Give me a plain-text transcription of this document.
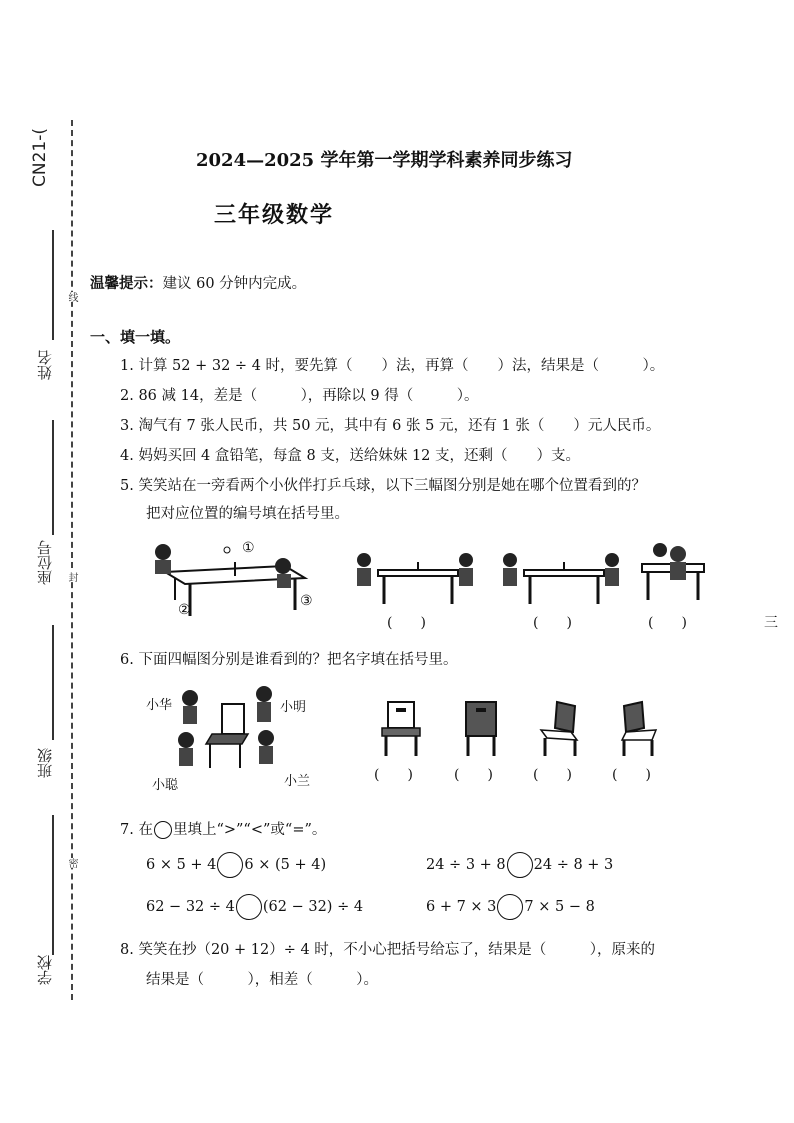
CN21-(
姓名
座位号
班级
学校
线
封
密
三
2024—2025 学年第一学期学科素养同步练习
三年级数学
温馨提示：建议 60 分钟内完成。
一、填一填。
1. 计算 52 + 32 ÷ 4 时，要先算（　　）法，再算（　　）法，结果是（　　　）。
2. 86 减 14，差是（　　　），再除以 9 得（　　　）。
3. 淘气有 7 张人民币，共 50 元，其中有 6 张 5 元，还有 1 张（　　）元人民币。
4. 妈妈买回 4 盒铅笔，每盒 8 支，送给妹妹 12 支，还剩（　　）支。
5. 笑笑站在一旁看两个小伙伴打乒乓球，以下三幅图分别是她在哪个位置看到的？
把对应位置的编号填在括号里。
①
②
③
(　　)	(　　)	(　　)
6. 下面四幅图分别是谁看到的？把名字填在括号里。
小华	小明
小聪	小兰	(　　)	(　　)	(　　)	(　　)
7. 在 里填上“>”“<”或“=”。
6 × 5 + 4 6 × (5 + 4)	24 ÷ 3 + 8 24 ÷ 8 + 3
62 − 32 ÷ 4 (62 − 32) ÷ 4	6 + 7 × 3 7 × 5 − 8
8. 笑笑在抄（20 + 12）÷ 4 时，不小心把括号给忘了，结果是（　　　），原来的
结果是（　　　），相差（　　　）。
